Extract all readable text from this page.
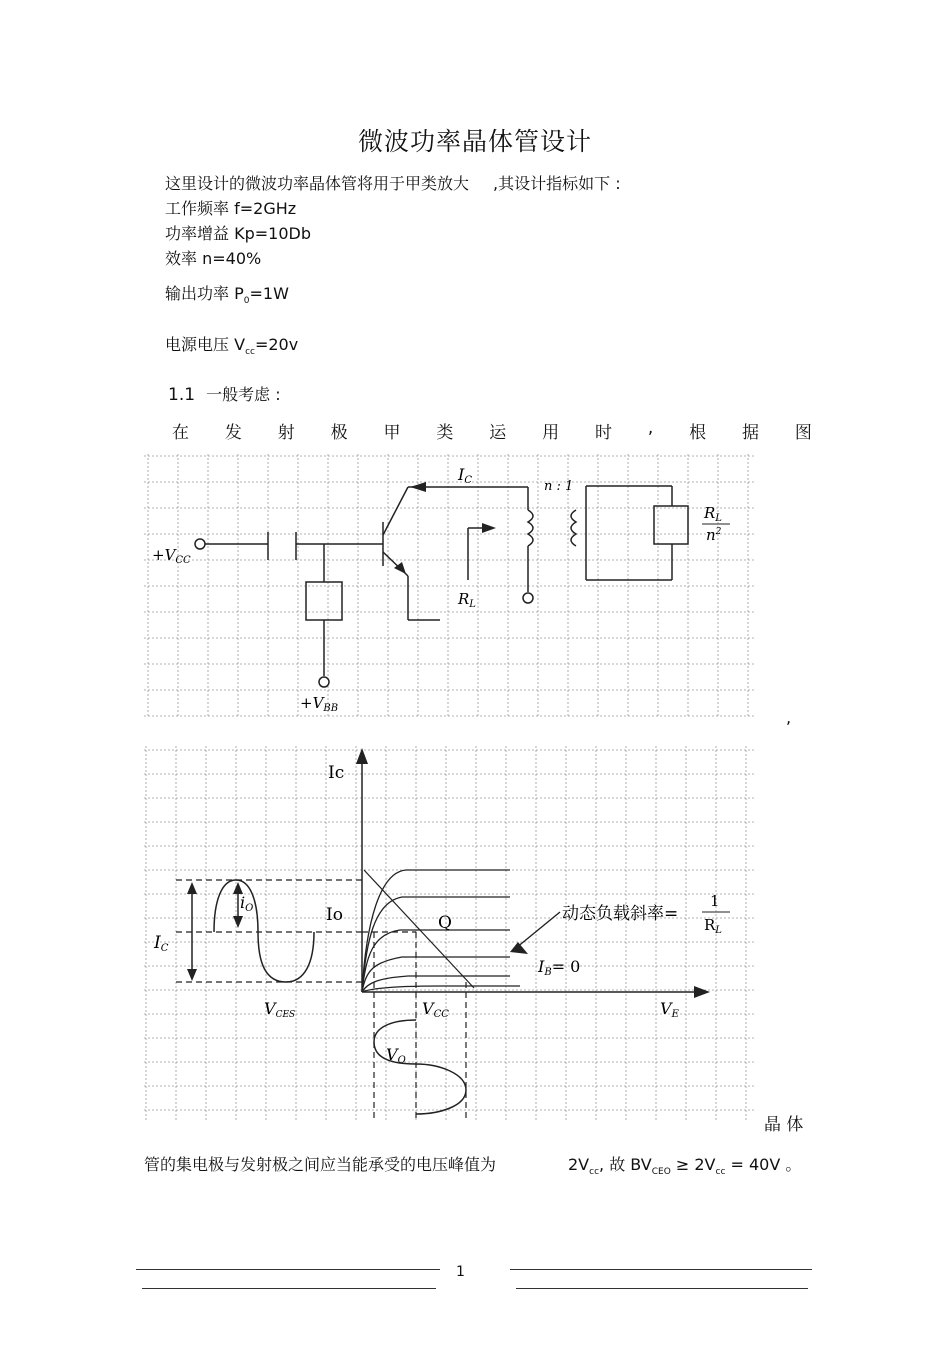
微波功率晶体管设计
这里设计的微波功率晶体管将用于甲类放大 ,其设计指标如下 :
工作频率 f=2GHz
功率增益 Kp=10Db
效率 n=40%
输出功率 $P_0=1W$
电源电压 $V_{cc}=20v$
1.1 一般考虑 :
在 发 射 极 甲 类 运 用 时 , 根 据 图
IC	n : 1
$+V_{CC}$
$+V_{BB}$
$R_L$
$R_L$
$n^2$
,
Ic
Io	Q
iO
IC
动态负载斜率=
1
$R_L$
IB= 0
VCES	VCC	VE
VO
晶 体
管的集电极与发射极之间应当能承受的电压峰值为	$2V_{cc}$, 故 $BV_{CEO} \ge 2V_{cc} = 40V$ 。
1
